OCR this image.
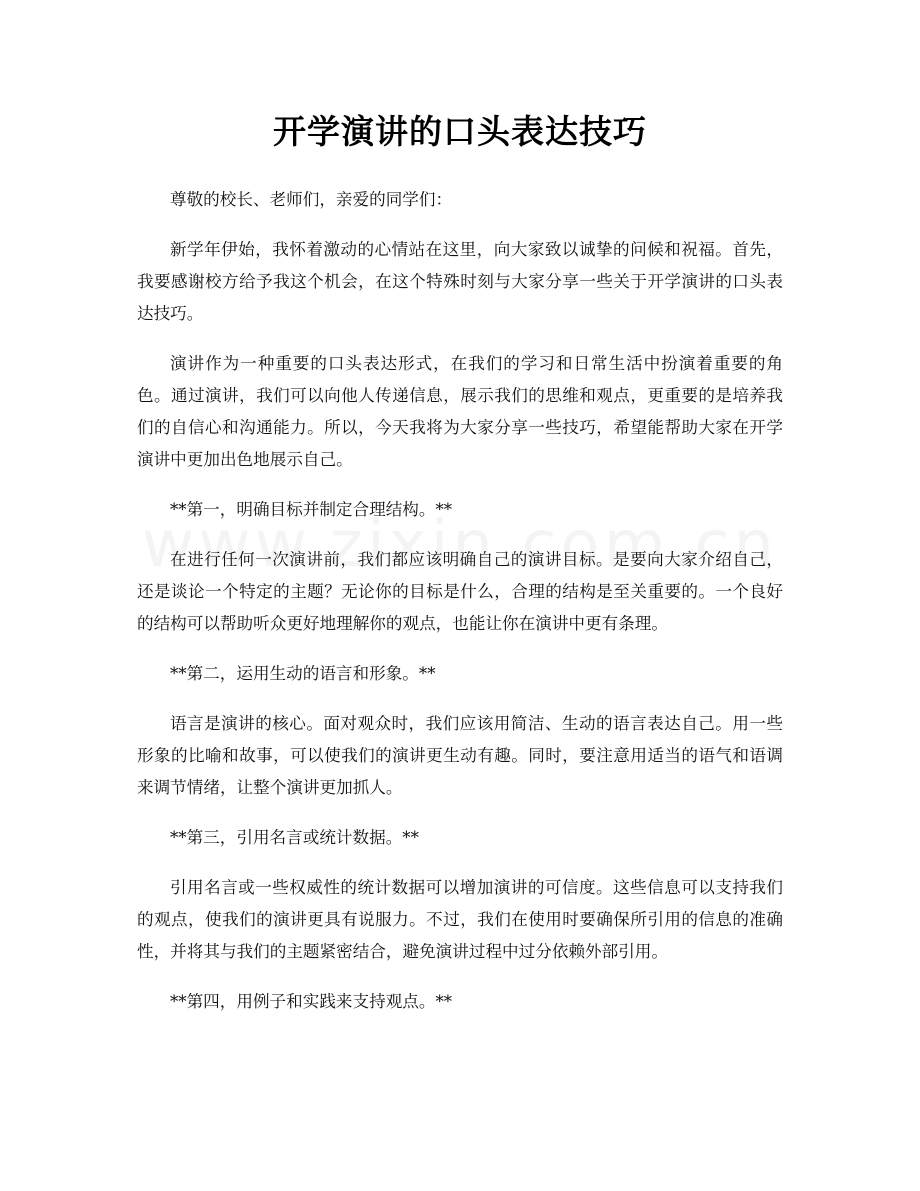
开学演讲的口头表达技巧

尊敬的校长、老师们，亲爱的同学们：

新学年伊始，我怀着激动的心情站在这里，向大家致以诚挚的问候和祝福。首先，我要感谢校方给予我这个机会，在这个特殊时刻与大家分享一些关于开学演讲的口头表达技巧。

演讲作为一种重要的口头表达形式，在我们的学习和日常生活中扮演着重要的角色。通过演讲，我们可以向他人传递信息，展示我们的思维和观点，更重要的是培养我们的自信心和沟通能力。所以，今天我将为大家分享一些技巧，希望能帮助大家在开学演讲中更加出色地展示自己。

**第一，明确目标并制定合理结构。**

在进行任何一次演讲前，我们都应该明确自己的演讲目标。是要向大家介绍自己，还是谈论一个特定的主题？无论你的目标是什么，合理的结构是至关重要的。一个良好的结构可以帮助听众更好地理解你的观点，也能让你在演讲中更有条理。

**第二，运用生动的语言和形象。**

语言是演讲的核心。面对观众时，我们应该用简洁、生动的语言表达自己。用一些形象的比喻和故事，可以使我们的演讲更生动有趣。同时，要注意用适当的语气和语调来调节情绪，让整个演讲更加抓人。

**第三，引用名言或统计数据。**

引用名言或一些权威性的统计数据可以增加演讲的可信度。这些信息可以支持我们的观点，使我们的演讲更具有说服力。不过，我们在使用时要确保所引用的信息的准确性，并将其与我们的主题紧密结合，避免演讲过程中过分依赖外部引用。

**第四，用例子和实践来支持观点。**
